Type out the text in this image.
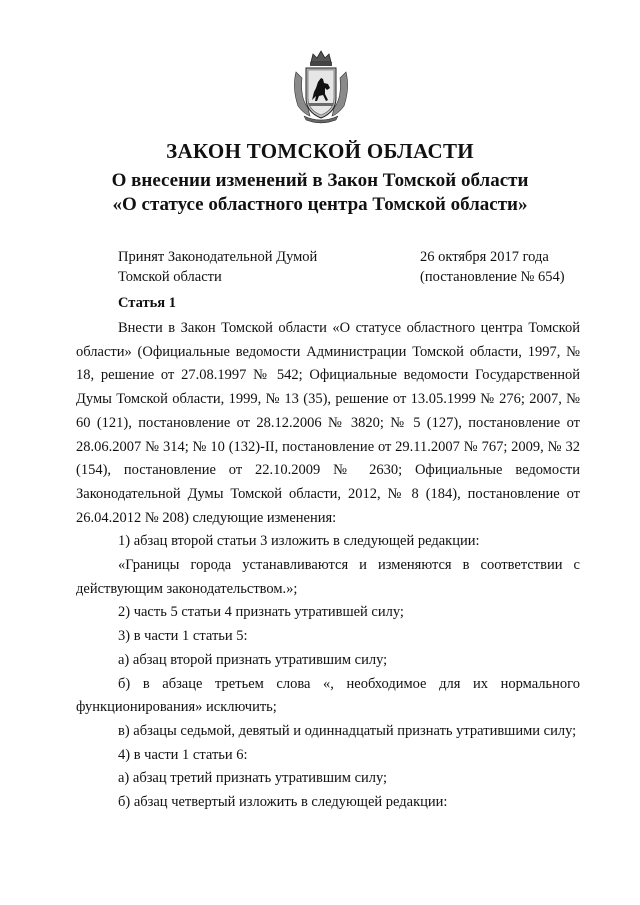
ЗАКОН ТОМСКОЙ ОБЛАСТИ
О внесении изменений в Закон Томской области
«О статусе областного центра Томской области»
Принят Законодательной Думой
Томской области
26 октября 2017 года
(постановление № 654)
Статья 1

Внести в Закон Томской области «О статусе областного центра Томской области» (Официальные ведомости Администрации Томской области, 1997, № 18, решение от 27.08.1997 № 542; Официальные ведомости Государственной Думы Томской области, 1999, № 13 (35), решение от 13.05.1999 № 276; 2007, № 60 (121), постановление от 28.12.2006 № 3820; № 5 (127), постановление от 28.06.2007 № 314; № 10 (132)-II, постановление от 29.11.2007 № 767; 2009, № 32 (154), постановление от 22.10.2009 № 2630; Официальные ведомости Законодательной Думы Томской области, 2012, № 8 (184), постановление от 26.04.2012 № 208) следующие изменения:

1) абзац второй статьи 3 изложить в следующей редакции:

«Границы города устанавливаются и изменяются в соответствии с действующим законодательством.»;

2) часть 5 статьи 4 признать утратившей силу;

3) в части 1 статьи 5:

а) абзац второй признать утратившим силу;

б) в абзаце третьем слова «, необходимое для их нормального функционирования» исключить;

в) абзацы седьмой, девятый и одиннадцатый признать утратившими силу;

4) в части 1 статьи 6:

а) абзац третий признать утратившим силу;

б) абзац четвертый изложить в следующей редакции:
